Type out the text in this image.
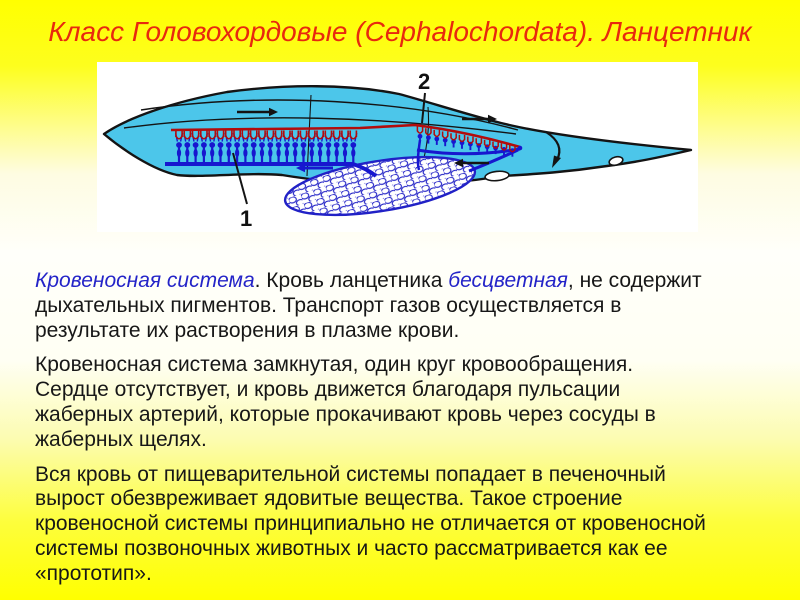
Класс Головохордовые (Cephalochordata). Ланцетник
2
1

Кровеносная система. Кровь ланцетника бесцветная, не содержит
дыхательных пигментов. Транспорт газов осуществляется в
результате их растворения в плазме крови.

Кровеносная система замкнутая, один круг кровообращения.
Сердце отсутствует, и кровь движется благодаря пульсации
жаберных артерий, которые прокачивают кровь через сосуды в
жаберных щелях.

Вся кровь от пищеварительной системы попадает в печеночный
вырост обезвреживает ядовитые вещества. Такое строение
кровеносной системы принципиально не отличается от кровеносной
системы позвоночных животных и часто рассматривается как ее
«прототип».
